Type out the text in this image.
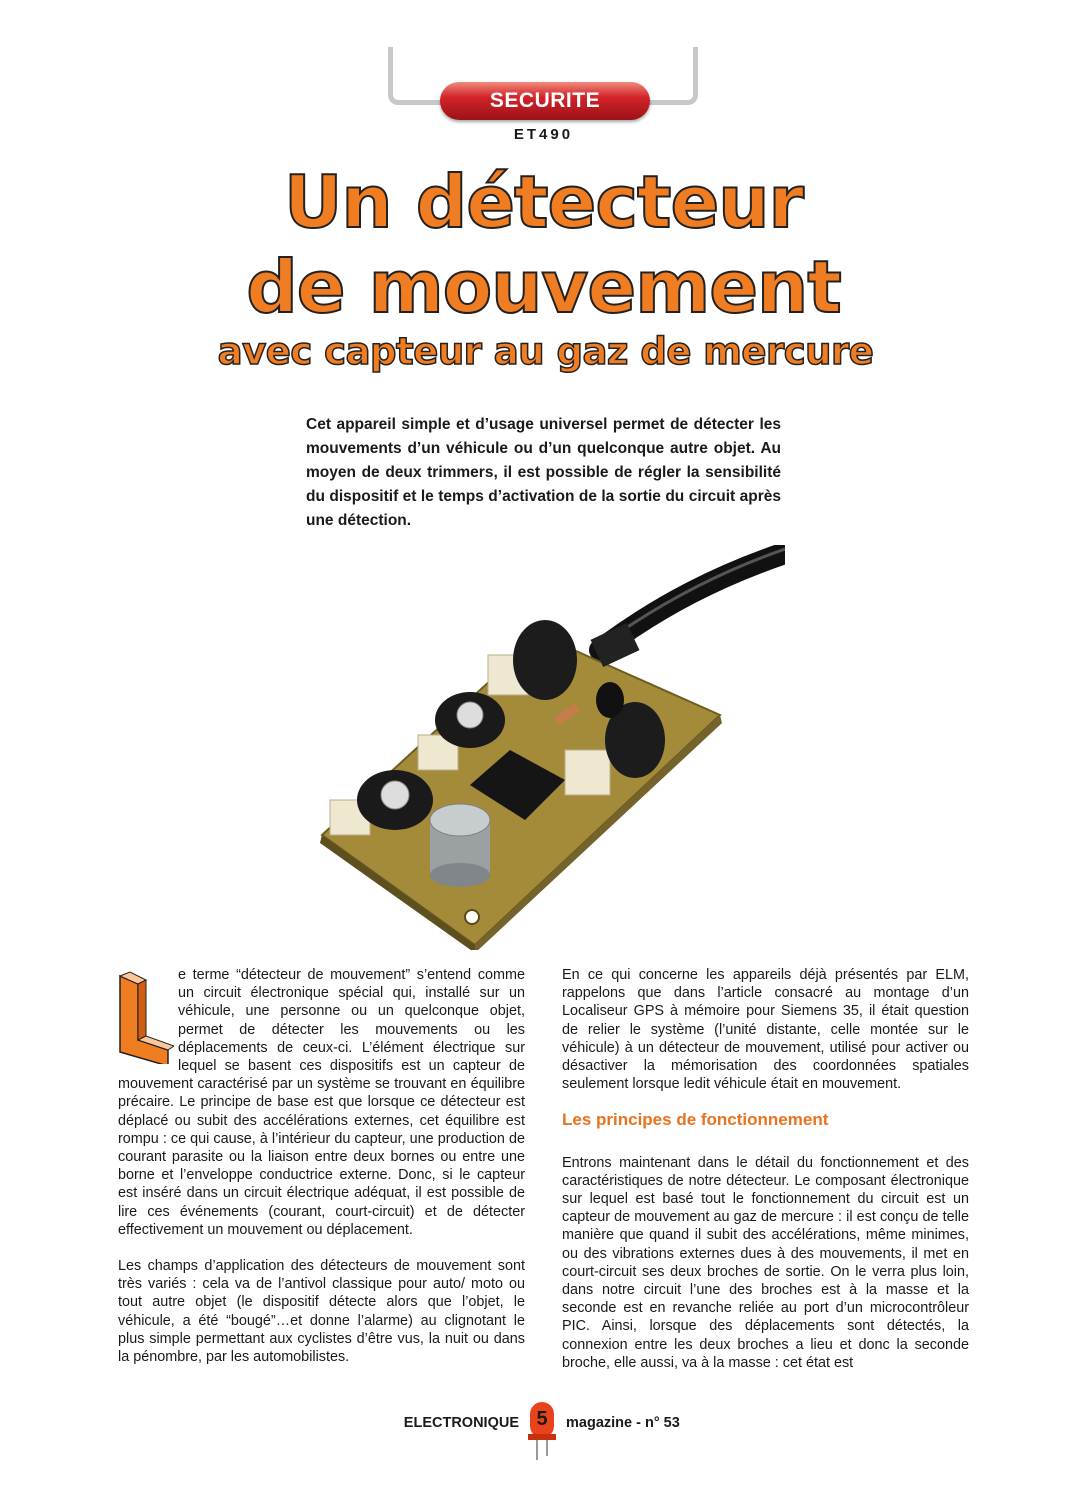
SECURITE
ET490
Un détecteur
de mouvement
avec capteur au gaz de mercure
Cet appareil simple et d’usage universel permet de détecter les mouvements d’un véhicule ou d’un quelconque autre objet. Au moyen de deux trimmers, il est possible de régler la sensibilité du dispositif et le temps d’activation de la sortie du circuit après une détection.

e terme “détecteur de mouvement” s’entend comme un circuit électronique spécial qui, installé sur un véhicule, une personne ou un quelconque objet, permet de détecter les mouvements ou les déplacements de ceux-ci. L’élément électrique sur lequel se basent ces dispositifs est un capteur de mouvement caractérisé par un système se trouvant en équilibre précaire. Le principe de base est que lorsque ce détecteur est déplacé ou subit des accélérations externes, cet équilibre est rompu : ce qui cause, à l’intérieur du capteur, une production de courant parasite ou la liaison entre deux bornes ou entre une borne et l’enveloppe conductrice externe. Donc, si le capteur est inséré dans un circuit électrique adéquat, il est possible de lire ces événements (courant, court-circuit) et de détecter effectivement un mouvement ou déplacement.

Les champs d’application des détecteurs de mouvement sont très variés : cela va de l’antivol classique pour auto/ moto ou tout autre objet (le dispositif détecte alors que l’objet, le véhicule, a été “bougé”…et donne l’alarme) au clignotant le plus simple permettant aux cyclistes d’être vus, la nuit ou dans la pénombre, par les automobilistes.

En ce qui concerne les appareils déjà présentés par ELM, rappelons que dans l’article consacré au montage d’un Localiseur GPS à mémoire pour Siemens 35, il était question de relier le système (l’unité distante, celle montée sur le véhicule) à un détecteur de mouvement, utilisé pour activer ou désactiver la mémorisation des coordonnées spatiales seulement lorsque ledit véhicule était en mouvement.

Les principes de fonctionnement

Entrons maintenant dans le détail du fonctionnement et des caractéristiques de notre détecteur. Le composant électronique sur lequel est basé tout le fonctionnement du circuit est un capteur de mouvement au gaz de mercure : il est conçu de telle manière que quand il subit des accélérations, même minimes, ou des vibrations externes dues à des mouvements, il met en court-circuit ses deux broches de sortie. On le verra plus loin, dans notre circuit l’une des broches est à la masse et la seconde est en revanche reliée au port d’un microcontrôleur PIC. Ainsi, lorsque des déplacements sont détectés, la connexion entre les deux broches a lieu et donc la seconde broche, elle aussi, va à la masse : cet état est

ELECTRONIQUE 5	magazine - n° 53
